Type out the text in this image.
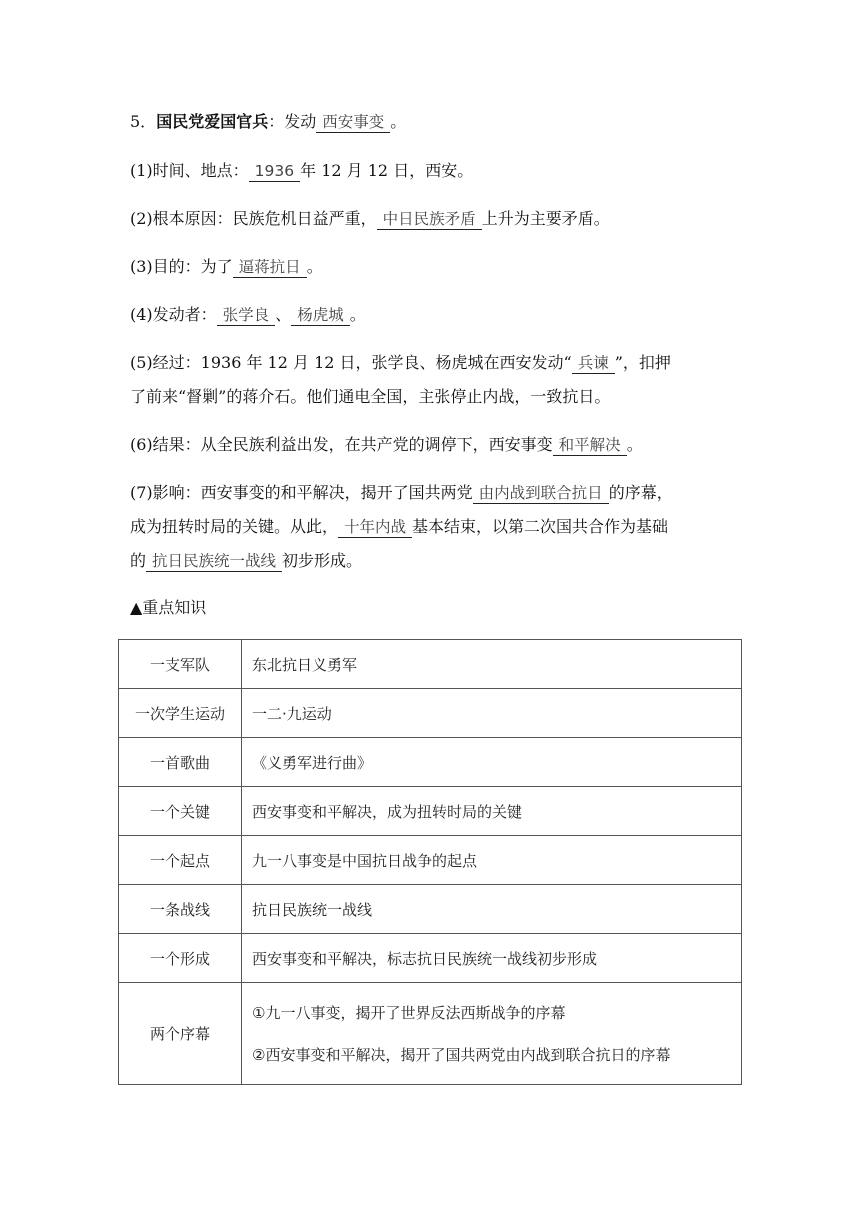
5．国民党爱国官兵：发动 西安事变 。
(1)时间、地点： 1936 年 12 月 12 日，西安。
(2)根本原因：民族危机日益严重， 中日民族矛盾 上升为主要矛盾。
(3)目的：为了 逼蒋抗日 。
(4)发动者： 张学良 、 杨虎城 。
(5)经过：1936 年 12 月 12 日，张学良、杨虎城在西安发动“ 兵谏 ”，扣押
了前来“督剿”的蒋介石。他们通电全国，主张停止内战，一致抗日。
(6)结果：从全民族利益出发，在共产党的调停下，西安事变 和平解决 。
(7)影响：西安事变的和平解决，揭开了国共两党 由内战到联合抗日 的序幕，
成为扭转时局的关键。从此， 十年内战 基本结束，以第二次国共合作为基础
的 抗日民族统一战线 初步形成。
▲重点知识
一支军队	东北抗日义勇军
一次学生运动	一二·九运动
一首歌曲	《义勇军进行曲》
一个关键	西安事变和平解决，成为扭转时局的关键
一个起点	九一八事变是中国抗日战争的起点
一条战线	抗日民族统一战线
一个形成	西安事变和平解决，标志抗日民族统一战线初步形成
两个序幕	①九一八事变，揭开了世界反法西斯战争的序幕
②西安事变和平解决，揭开了国共两党由内战到联合抗日的序幕
